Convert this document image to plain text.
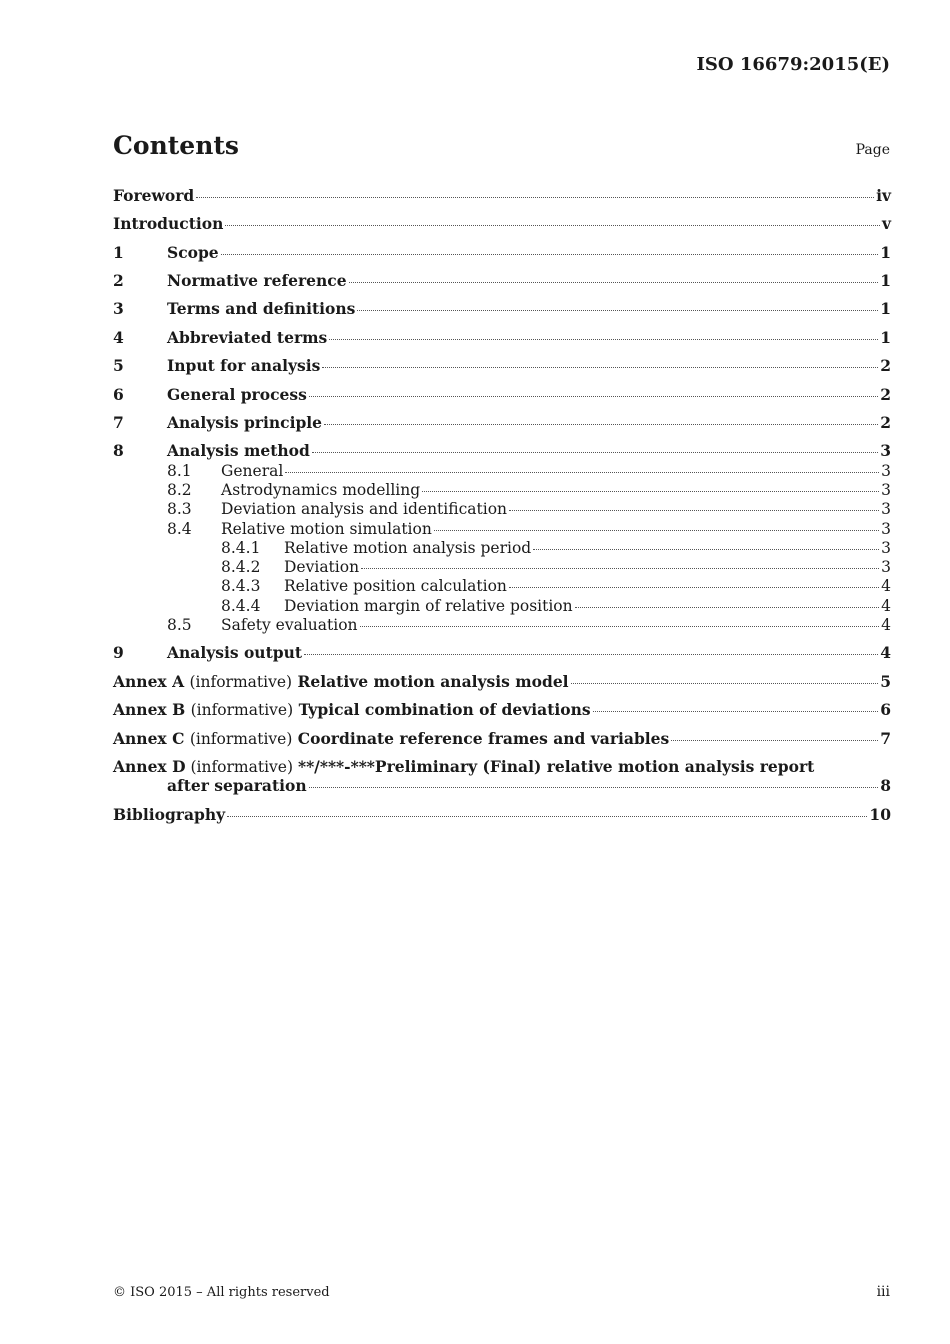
ISO 16679:2015(E)
Contents	Page
Foreword	iv
Introduction	v
1	Scope	1
2	Normative reference	1
3	Terms and definitions	1
4	Abbreviated terms	1
5	Input for analysis	2
6	General process	2
7	Analysis principle	2
8	Analysis method	3
8.1	General	3
8.2	Astrodynamics modelling	3
8.3	Deviation analysis and identification	3
8.4	Relative motion simulation	3
8.4.1	Relative motion analysis period	3
8.4.2	Deviation	3
8.4.3	Relative position calculation	4
8.4.4	Deviation margin of relative position	4
8.5	Safety evaluation	4
9	Analysis output	4
Annex A (informative) Relative motion analysis model	5
Annex B (informative) Typical combination of deviations	6
Annex C (informative) Coordinate reference frames and variables	7
Annex D (informative) **/***-***Preliminary (Final) relative motion analysis report
after separation	8
Bibliography	10
© ISO 2015 – All rights reserved	iii
